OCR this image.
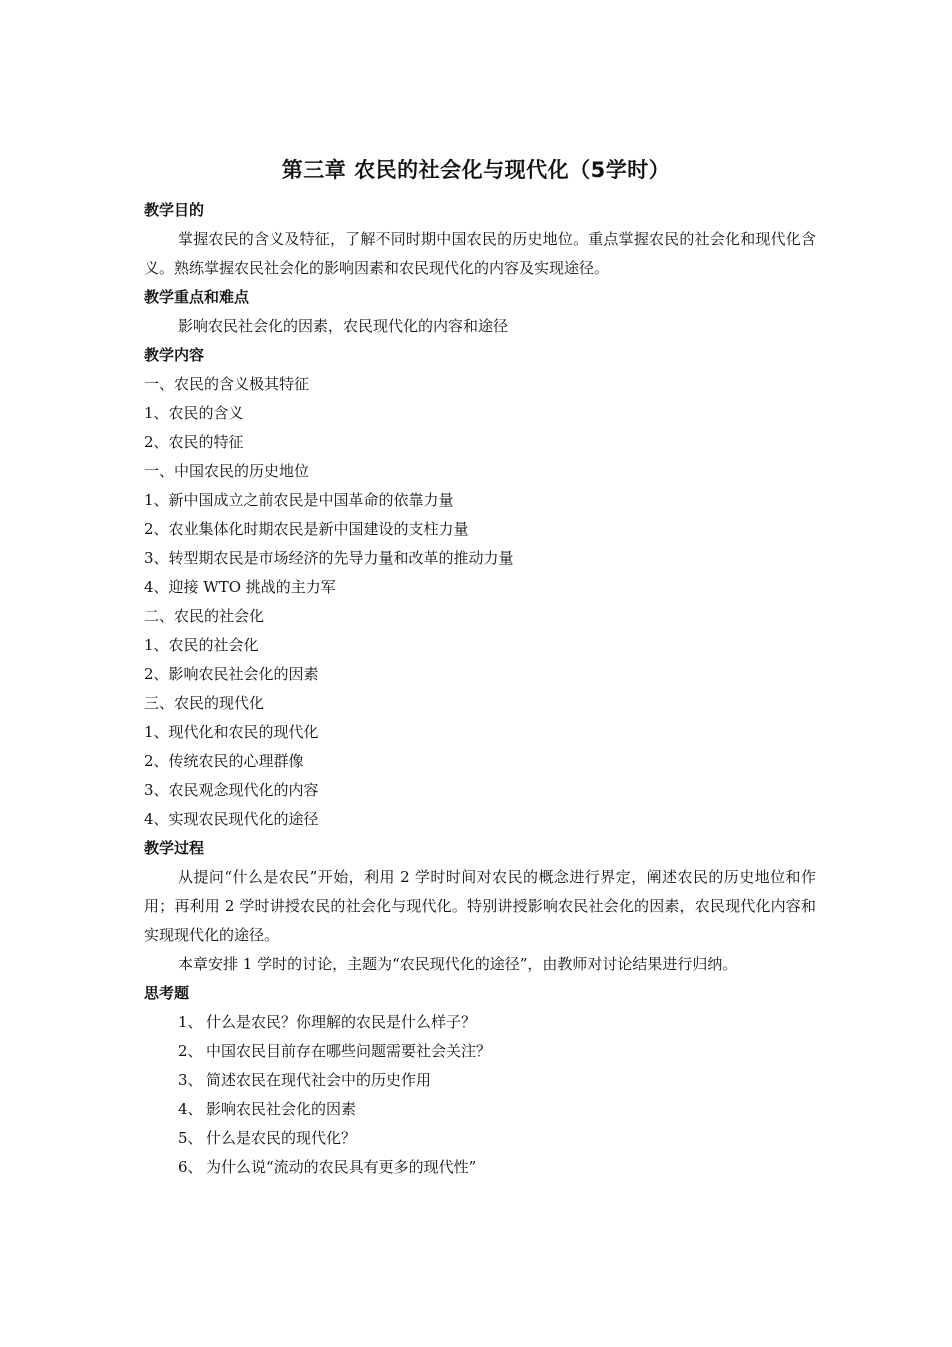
第三章 农民的社会化与现代化（5学时）

教学目的

掌握农民的含义及特征，了解不同时期中国农民的历史地位。重点掌握农民的社会化和现代化含义。熟练掌握农民社会化的影响因素和农民现代化的内容及实现途径。

教学重点和难点

影响农民社会化的因素，农民现代化的内容和途径

教学内容

一、农民的含义极其特征

1、农民的含义

2、农民的特征

一、中国农民的历史地位

1、新中国成立之前农民是中国革命的依靠力量

2、农业集体化时期农民是新中国建设的支柱力量

3、转型期农民是市场经济的先导力量和改革的推动力量

4、迎接 WTO 挑战的主力军

二、农民的社会化

1、农民的社会化

2、影响农民社会化的因素

三、农民的现代化

1、现代化和农民的现代化

2、传统农民的心理群像

3、农民观念现代化的内容

4、实现农民现代化的途径

教学过程

从提问“什么是农民”开始，利用 2 学时时间对农民的概念进行界定，阐述农民的历史地位和作用；再利用 2 学时讲授农民的社会化与现代化。特别讲授影响农民社会化的因素，农民现代化内容和实现现代化的途径。

本章安排 1 学时的讨论，主题为“农民现代化的途径”，由教师对讨论结果进行归纳。

思考题

1、 什么是农民？你理解的农民是什么样子？
2、 中国农民目前存在哪些问题需要社会关注？
3、 简述农民在现代社会中的历史作用
4、 影响农民社会化的因素
5、 什么是农民的现代化？
6、 为什么说“流动的农民具有更多的现代性”
